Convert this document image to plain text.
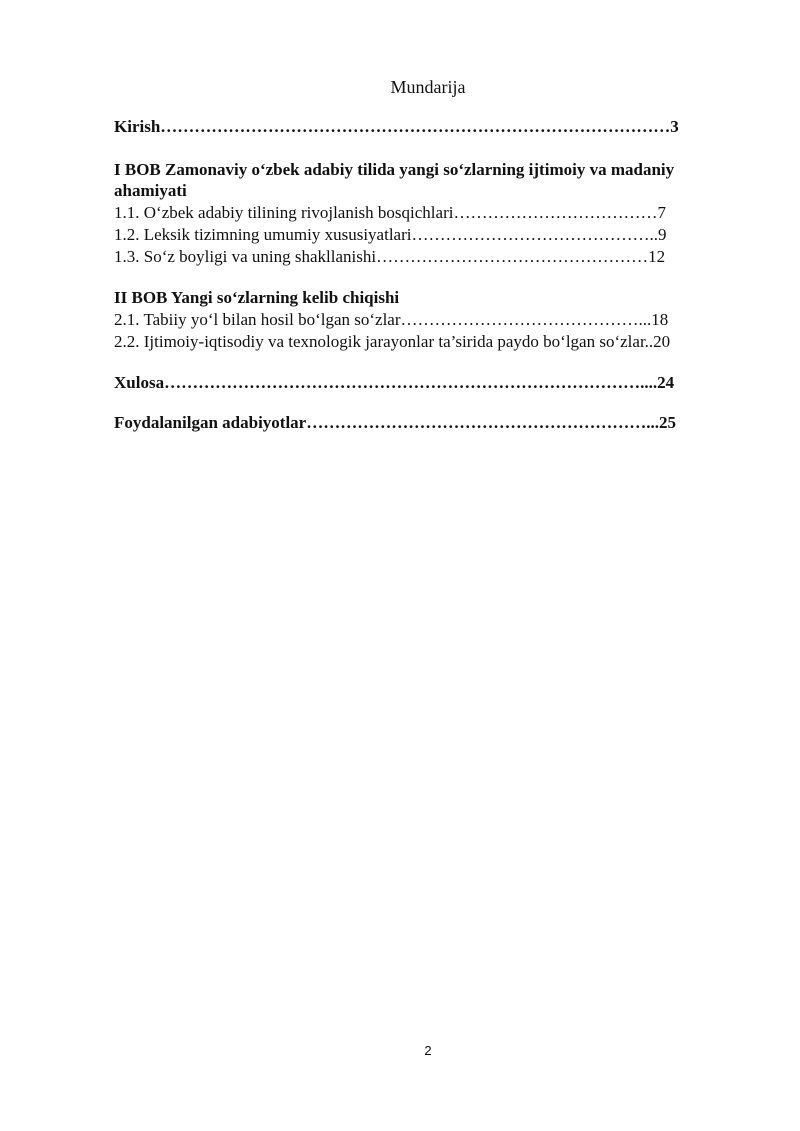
Mundarija
Kirish………………………………………………………………………………3
I BOB Zamonaviy o‘zbek adabiy tilida yangi so‘zlarning ijtimoiy va madaniy
ahamiyati
1.1. O‘zbek adabiy tilining rivojlanish bosqichlari………………………………7
1.2. Leksik tizimning umumiy xususiyatlari……………………………………..9
1.3. So‘z boyligi va uning shakllanishi…………………………………………12
II BOB Yangi so‘zlarning kelib chiqishi
2.1. Tabiiy yo‘l bilan hosil bo‘lgan so‘zlar……………………………………...18
2.2. Ijtimoiy-iqtisodiy va texnologik jarayonlar ta’sirida paydo bo‘lgan so‘zlar..20
Xulosa…………………………………………………………………………....24
Foydalanilgan adabiyotlar……………………………………………………...25
2
